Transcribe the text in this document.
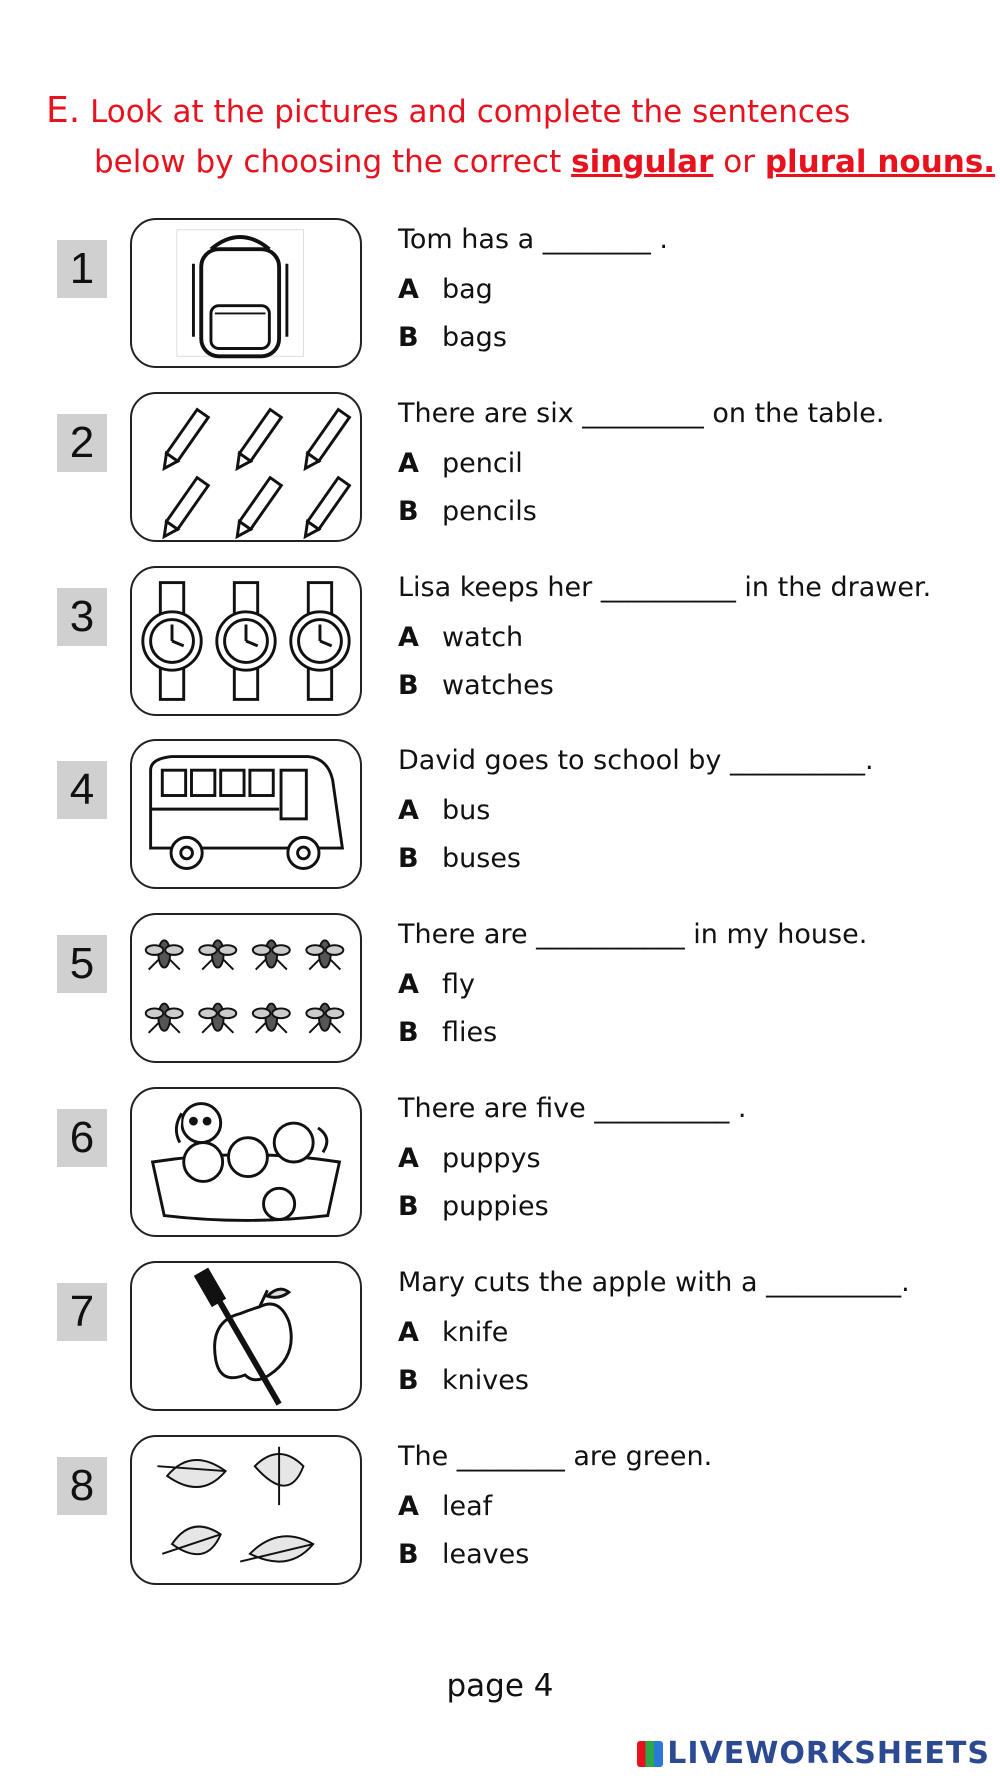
E. Look at the pictures and complete the sentences
below by choosing the correct singular or plural nouns.
1
Tom has a ________ .
A bag
B bags
2
There are six _________ on the table.
A pencil
B pencils
3
Lisa keeps her __________ in the drawer.
A watch
B watches
4
David goes to school by __________.
A bus
B buses
5
There are ___________ in my house.
A fly
B flies
6
There are five __________ .
A puppys
B puppies
7
Mary cuts the apple with a __________.
A knife
B knives
8
The ________ are green.
A leaf
B leaves
page 4
LIVEWORKSHEETS
